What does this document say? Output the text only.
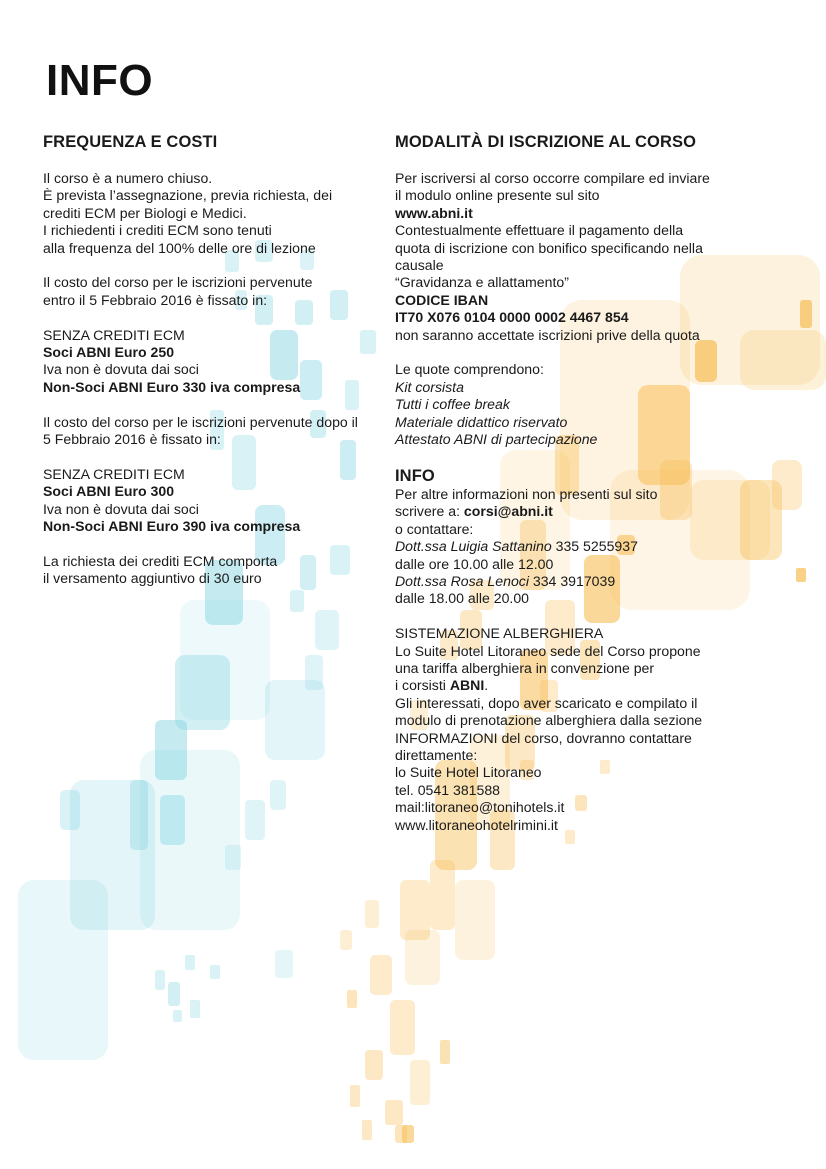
INFO
FREQUENZA E COSTI
Il corso è a numero chiuso.
È prevista l’assegnazione, previa richiesta, dei
crediti ECM per Biologi e Medici.
I richiedenti i crediti ECM sono tenuti
alla frequenza del 100% delle ore di lezione
Il costo del corso per le iscrizioni pervenute
entro il 5 Febbraio 2016 è fissato in:
SENZA CREDITI ECM
Soci ABNI Euro 250
Iva non è dovuta dai soci
Non-Soci ABNI Euro 330 iva compresa
Il costo del corso per le iscrizioni pervenute dopo il
5 Febbraio 2016 è fissato in:
SENZA CREDITI ECM
Soci ABNI Euro 300
Iva non è dovuta dai soci
Non-Soci ABNI Euro 390 iva compresa
La richiesta dei crediti ECM comporta
il versamento aggiuntivo di 30 euro
MODALITÀ DI ISCRIZIONE AL CORSO
Per iscriversi al corso occorre compilare ed inviare
il modulo online presente sul sito
www.abni.it
Contestualmente effettuare il pagamento della
quota di iscrizione con bonifico specificando nella
causale
“Gravidanza e allattamento”
CODICE IBAN
IT70 X076 0104 0000 0002 4467 854
non saranno accettate iscrizioni prive della quota
Le quote comprendono:
Kit corsista
Tutti i coffee break
Materiale didattico riservato
Attestato ABNI di partecipazione
INFO
Per altre informazioni non presenti sul sito
scrivere a: corsi@abni.it
o contattare:
Dott.ssa Luigia Sattanino 335 5255937
dalle ore 10.00 alle 12.00
Dott.ssa Rosa Lenoci 334 3917039
dalle 18.00 alle 20.00
SISTEMAZIONE ALBERGHIERA
Lo Suite Hotel Litoraneo sede del Corso propone
una tariffa alberghiera in convenzione per
i corsisti ABNI.
Gli interessati, dopo aver scaricato e compilato il
modulo di prenotazione alberghiera dalla sezione
INFORMAZIONI del corso, dovranno contattare
direttamente:
lo Suite Hotel Litoraneo
tel. 0541 381588
mail:litoraneo@tonihotels.it
www.litoraneohotelrimini.it
